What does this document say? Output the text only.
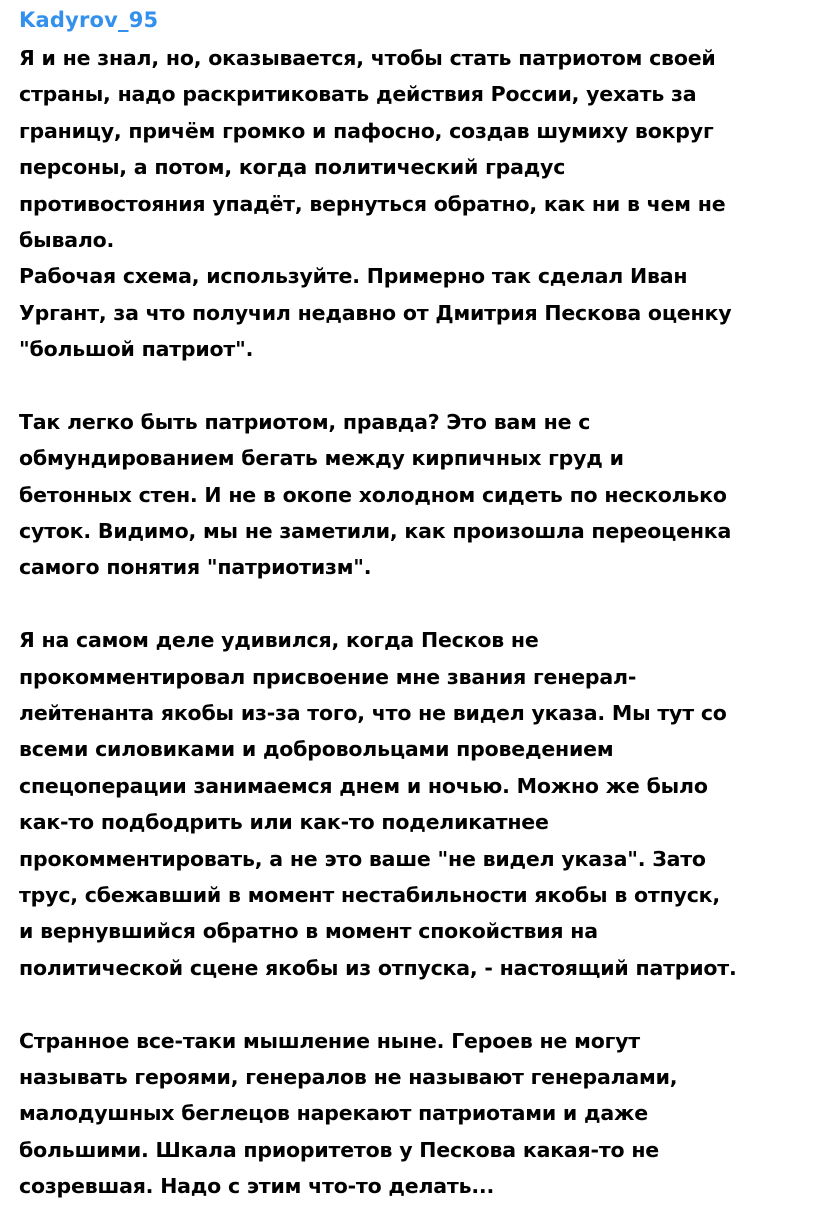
Kadyrov_95
Я и не знал, но, оказывается, чтобы стать патриотом своей
страны, надо раскритиковать действия России, уехать за
границу, причём громко и пафосно, создав шумиху вокруг
персоны, а потом, когда политический градус
противостояния упадёт, вернуться обратно, как ни в чем не
бывало.
Рабочая схема, используйте. Примерно так сделал Иван
Ургант, за что получил недавно от Дмитрия Пескова оценку
"большой патриот".
Так легко быть патриотом, правда? Это вам не с
обмундированием бегать между кирпичных груд и
бетонных стен. И не в окопе холодном сидеть по несколько
суток. Видимо, мы не заметили, как произошла переоценка
самого понятия "патриотизм".
Я на самом деле удивился, когда Песков не
прокомментировал присвоение мне звания генерал-
лейтенанта якобы из-за того, что не видел указа. Мы тут со
всеми силовиками и добровольцами проведением
спецоперации занимаемся днем и ночью. Можно же было
как-то подбодрить или как-то поделикатнее
прокомментировать, а не это ваше "не видел указа". Зато
трус, сбежавший в момент нестабильности якобы в отпуск,
и вернувшийся обратно в момент спокойствия на
политической сцене якобы из отпуска, - настоящий патриот.
Странное все-таки мышление ныне. Героев не могут
называть героями, генералов не называют генералами,
малодушных беглецов нарекают патриотами и даже
большими. Шкала приоритетов у Пескова какая-то не
созревшая. Надо с этим что-то делать...
